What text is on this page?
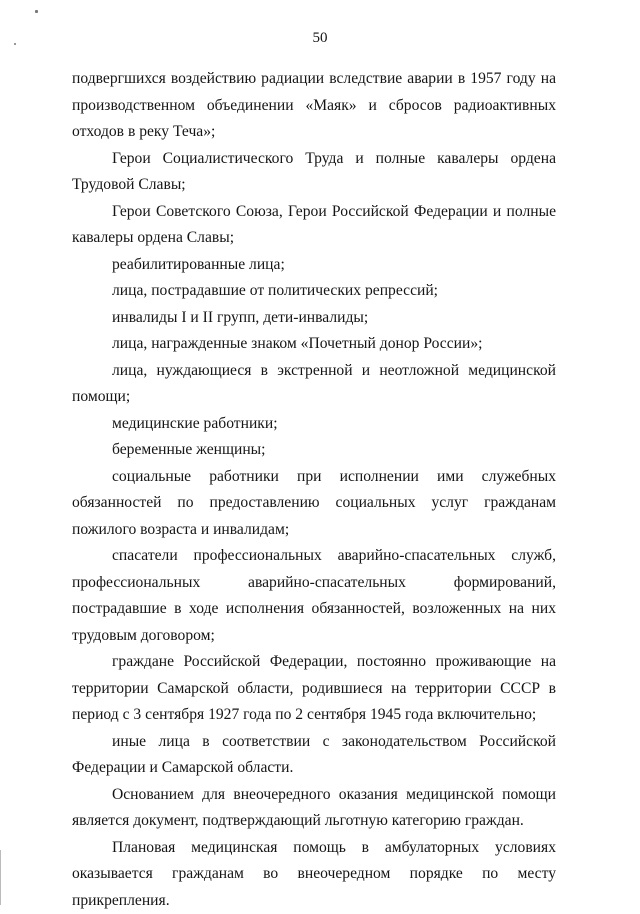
50

подвергшихся воздействию радиации вследствие аварии в 1957 году на производственном объединении «Маяк» и сбросов радиоактивных отходов в реку Теча»;

Герои Социалистического Труда и полные кавалеры ордена Трудовой Славы;

Герои Советского Союза, Герои Российской Федерации и полные кавалеры ордена Славы;

реабилитированные лица;

лица, пострадавшие от политических репрессий;

инвалиды I и II групп, дети-инвалиды;

лица, награжденные знаком «Почетный донор России»;

лица, нуждающиеся в экстренной и неотложной медицинской помощи;

медицинские работники;

беременные женщины;

социальные работники при исполнении ими служебных обязанностей по предоставлению социальных услуг гражданам пожилого возраста и инвалидам;

спасатели профессиональных аварийно-спасательных служб, профессиональных аварийно-спасательных формирований, пострадавшие в ходе исполнения обязанностей, возложенных на них трудовым договором;

граждане Российской Федерации, постоянно проживающие на территории Самарской области, родившиеся на территории СССР в период с 3 сентября 1927 года по 2 сентября 1945 года включительно;

иные лица в соответствии с законодательством Российской Федерации и Самарской области.

Основанием для внеочередного оказания медицинской помощи является документ, подтверждающий льготную категорию граждан.

Плановая медицинская помощь в амбулаторных условиях оказывается гражданам во внеочередном порядке по месту прикрепления.
